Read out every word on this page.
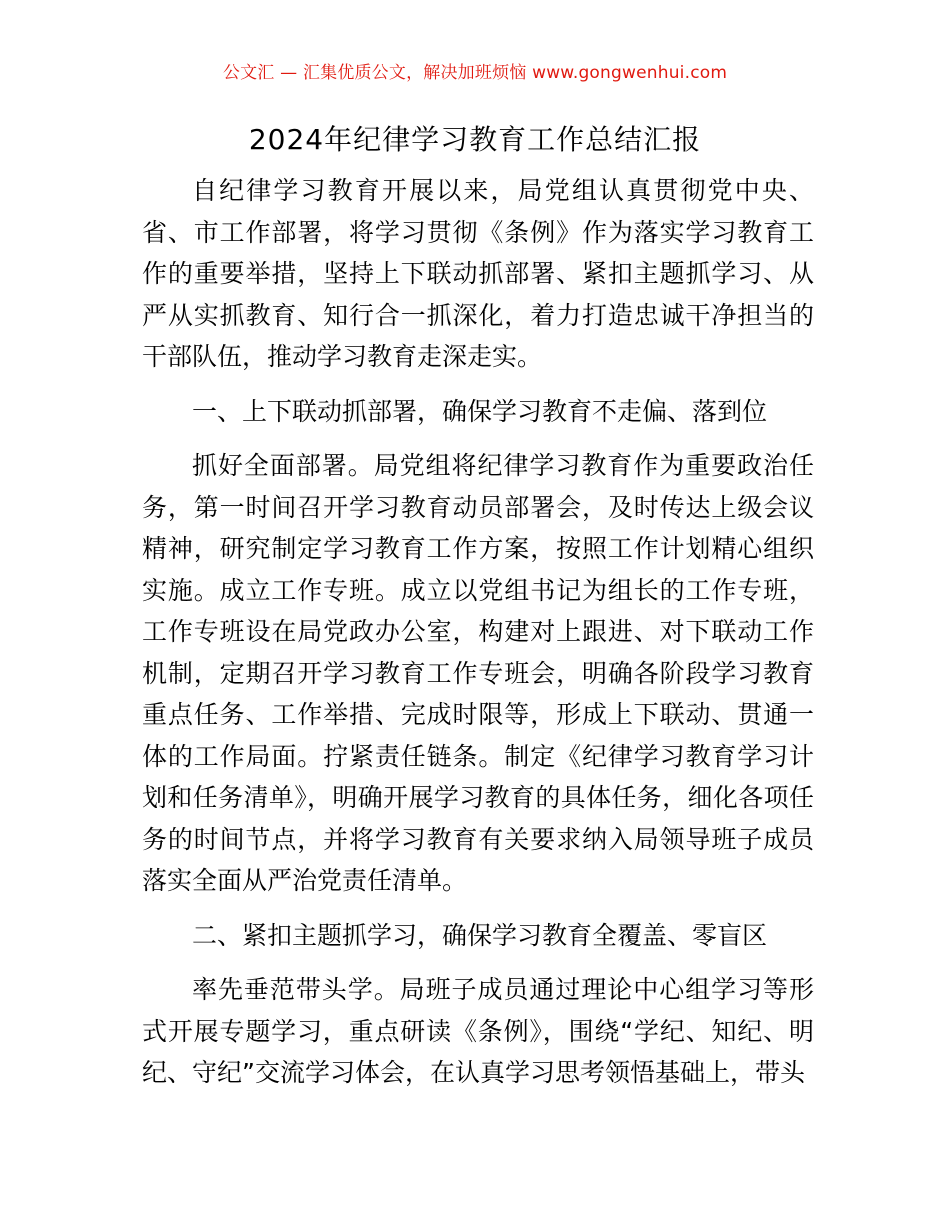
公文汇 — 汇集优质公文，解决加班烦恼 www.gongwenhui.com
2024年纪律学习教育工作总结汇报

自纪律学习教育开展以来，局党组认真贯彻党中央、省、市工作部署，将学习贯彻《条例》作为落实学习教育工作的重要举措，坚持上下联动抓部署、紧扣主题抓学习、从严从实抓教育、知行合一抓深化，着力打造忠诚干净担当的干部队伍，推动学习教育走深走实。

一、上下联动抓部署，确保学习教育不走偏、落到位

抓好全面部署。局党组将纪律学习教育作为重要政治任务，第一时间召开学习教育动员部署会，及时传达上级会议精神，研究制定学习教育工作方案，按照工作计划精心组织实施。成立工作专班。成立以党组书记为组长的工作专班，工作专班设在局党政办公室，构建对上跟进、对下联动工作机制，定期召开学习教育工作专班会，明确各阶段学习教育重点任务、工作举措、完成时限等，形成上下联动、贯通一体的工作局面。拧紧责任链条。制定《纪律学习教育学习计划和任务清单》，明确开展学习教育的具体任务，细化各项任务的时间节点，并将学习教育有关要求纳入局领导班子成员落实全面从严治党责任清单。

二、紧扣主题抓学习，确保学习教育全覆盖、零盲区

率先垂范带头学。局班子成员通过理论中心组学习等形式开展专题学习，重点研读《条例》，围绕“学纪、知纪、明纪、守纪”交流学习体会，在认真学习思考领悟基础上，带头
